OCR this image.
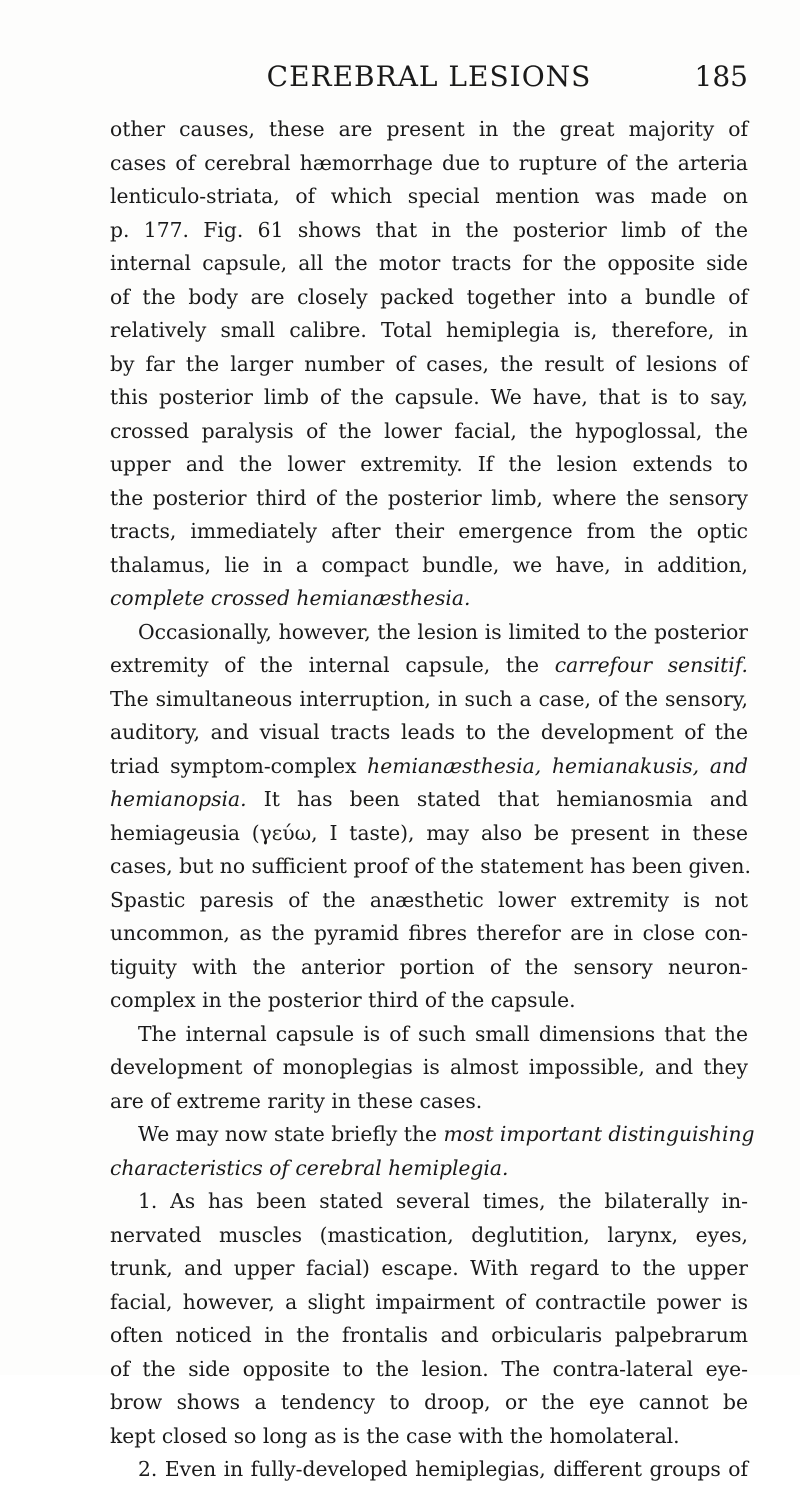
CEREBRAL LESIONS	185
other causes, these are present in the great majority of
cases of cerebral hæmorrhage due to rupture of the arteria
lenticulo-striata, of which special mention was made on
p. 177. Fig. 61 shows that in the posterior limb of the
internal capsule, all the motor tracts for the opposite side
of the body are closely packed together into a bundle of
relatively small calibre. Total hemiplegia is, therefore, in
by far the larger number of cases, the result of lesions of
this posterior limb of the capsule. We have, that is to say,
crossed paralysis of the lower facial, the hypoglossal, the
upper and the lower extremity. If the lesion extends to
the posterior third of the posterior limb, where the sensory
tracts, immediately after their emergence from the optic
thalamus, lie in a compact bundle, we have, in addition,
complete crossed hemianæsthesia.
Occasionally, however, the lesion is limited to the posterior
extremity of the internal capsule, the carrefour sensitif.
The simultaneous interruption, in such a case, of the sensory,
auditory, and visual tracts leads to the development of the
triad symptom-complex hemianæsthesia, hemianakusis, and
hemianopsia. It has been stated that hemianosmia and
hemiageusia (γεύω, I taste), may also be present in these
cases, but no sufficient proof of the statement has been given.
Spastic paresis of the anæsthetic lower extremity is not
uncommon, as the pyramid fibres therefor are in close con-
tiguity with the anterior portion of the sensory neuron-
complex in the posterior third of the capsule.
The internal capsule is of such small dimensions that the
development of monoplegias is almost impossible, and they
are of extreme rarity in these cases.
We may now state briefly the most important distinguishing
characteristics of cerebral hemiplegia.
1. As has been stated several times, the bilaterally in-
nervated muscles (mastication, deglutition, larynx, eyes,
trunk, and upper facial) escape. With regard to the upper
facial, however, a slight impairment of contractile power is
often noticed in the frontalis and orbicularis palpebrarum
of the side opposite to the lesion. The contra-lateral eye-
brow shows a tendency to droop, or the eye cannot be
kept closed so long as is the case with the homolateral.
2. Even in fully-developed hemiplegias, different groups of
